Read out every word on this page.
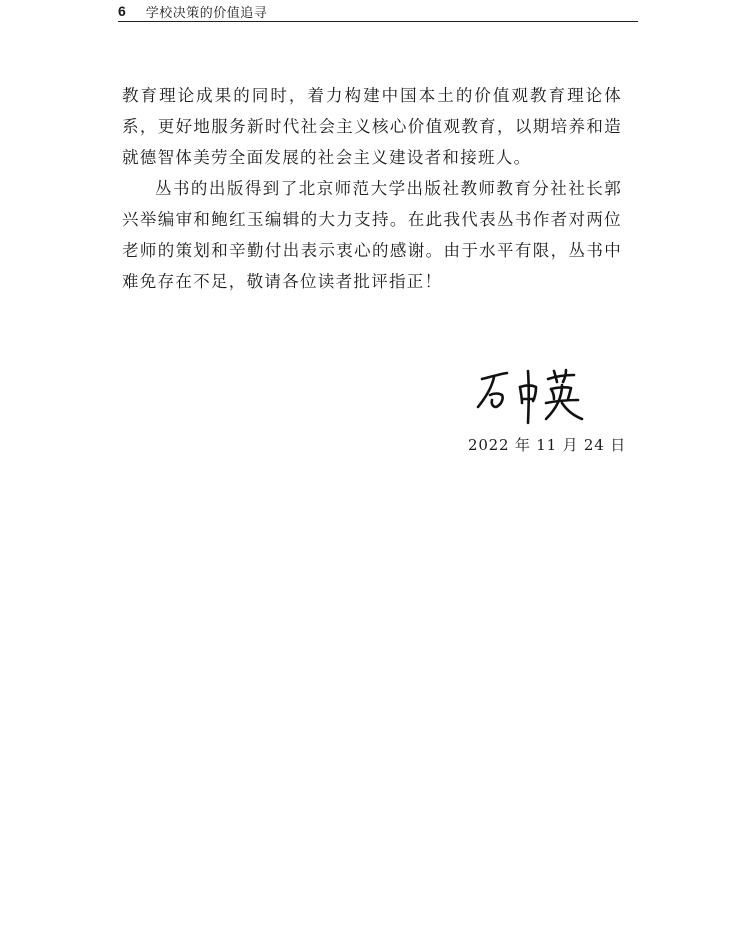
6 学校决策的价值追寻

教育理论成果的同时，着力构建中国本土的价值观教育理论体系，更好地服务新时代社会主义核心价值观教育，以期培养和造就德智体美劳全面发展的社会主义建设者和接班人。

丛书的出版得到了北京师范大学出版社教师教育分社社长郭兴举编审和鲍红玉编辑的大力支持。在此我代表丛书作者对两位老师的策划和辛勤付出表示衷心的感谢。由于水平有限，丛书中难免存在不足，敬请各位读者批评指正！

2022 年 11 月 24 日
